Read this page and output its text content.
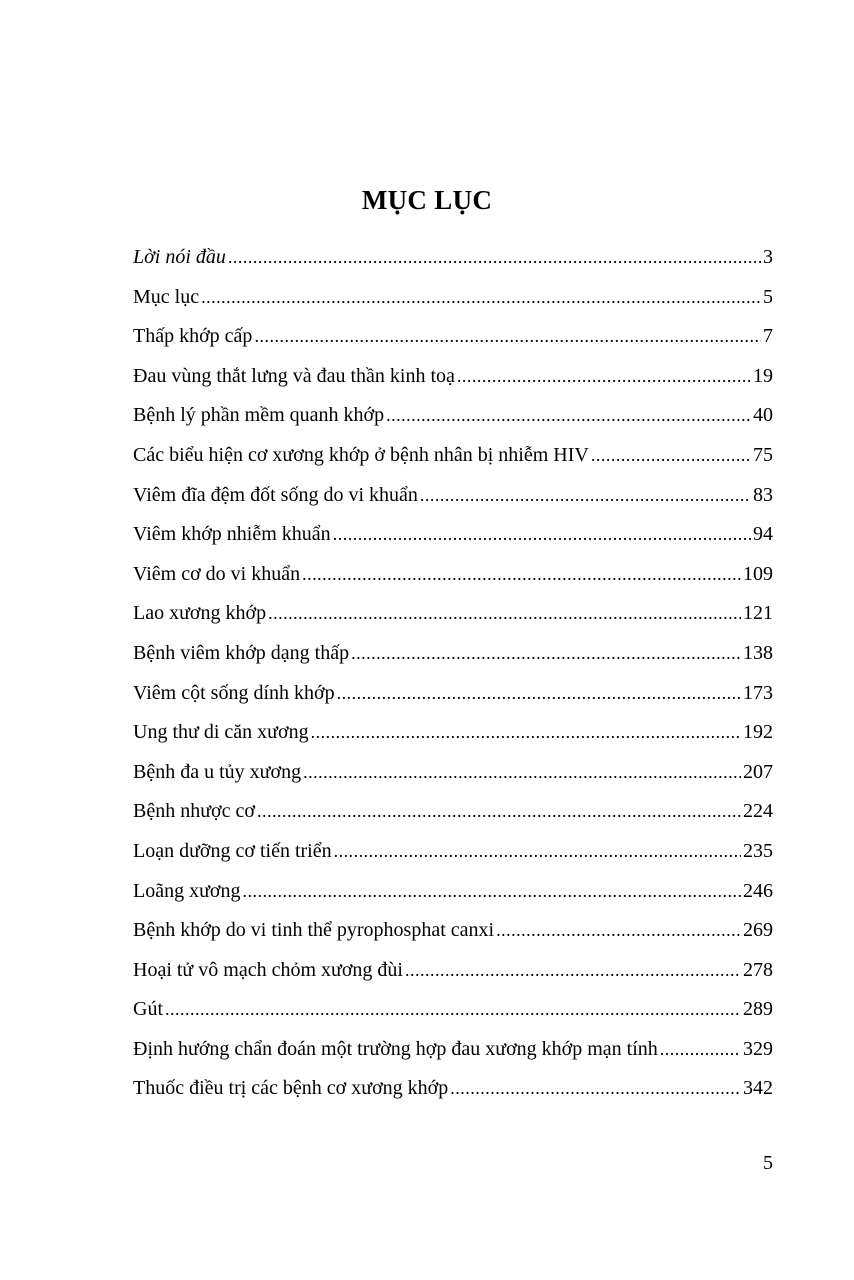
MỤC LỤC
Lời nói đầu .....	3
Mục lục .....	5
Thấp khớp cấp .....	7
Đau vùng thắt lưng và đau thần kinh toạ .....	19
Bệnh lý phần mềm quanh khớp .....	40
Các biểu hiện cơ xương khớp ở bệnh nhân bị nhiễm HIV .....	75
Viêm đĩa đệm đốt sống do vi khuẩn .....	83
Viêm khớp nhiễm khuẩn .....	94
Viêm cơ do vi khuẩn .....	109
Lao xương khớp .....	121
Bệnh viêm khớp dạng thấp .....	138
Viêm cột sống dính khớp .....	173
Ung thư di căn xương .....	192
Bệnh đa u tủy xương .....	207
Bệnh nhược cơ .....	224
Loạn dưỡng cơ tiến triển .....	235
Loãng xương .....	246
Bệnh khớp do vi tinh thể pyrophosphat canxi .....	269
Hoại tử vô mạch chỏm xương đùi .....	278
Gút .....	289
Định hướng chẩn đoán một trường hợp đau xương khớp mạn tính .....	329
Thuốc điều trị các bệnh cơ xương khớp .....	342
5
